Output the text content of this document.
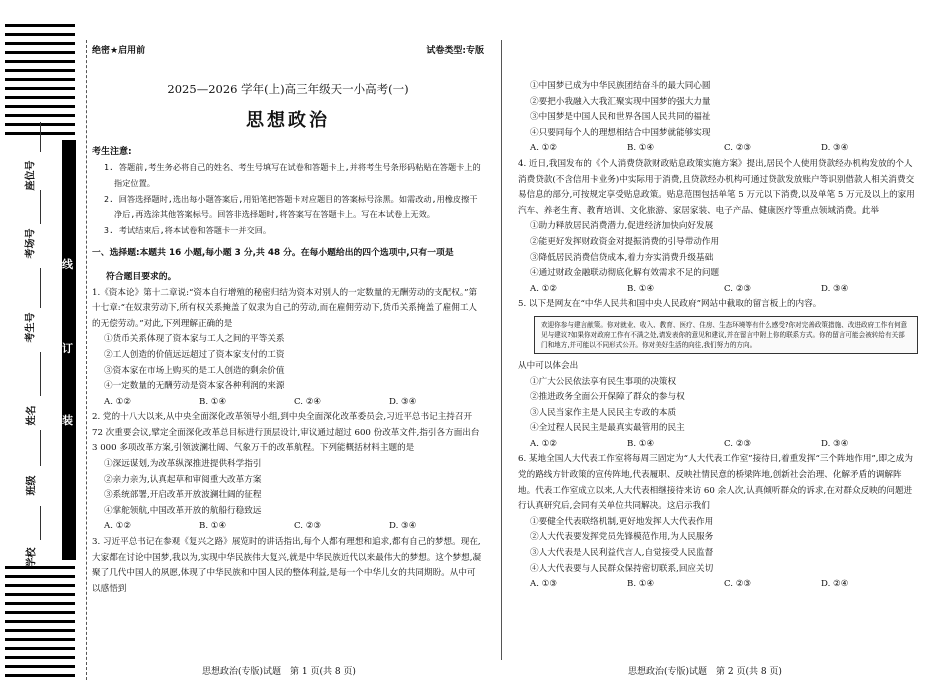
座位号
考场号
考生号
姓名
班级
学校
线
订
装
绝密★启用前	试卷类型:专版
2025—2026 学年(上)高三年级天一小高考(一)
思想政治
考生注意:

1. 答题前,考生务必将自己的姓名、考生号填写在试卷和答题卡上,并将考生号条形码粘贴在答题卡上的指定位置。

2. 回答选择题时,选出每小题答案后,用铅笔把答题卡对应题目的答案标号涂黑。如需改动,用橡皮擦干净后,再选涂其他答案标号。回答非选择题时,将答案写在答题卡上。写在本试卷上无效。

3. 考试结束后,将本试卷和答题卡一并交回。

一、选择题:本题共 16 小题,每小题 3 分,共 48 分。在每小题给出的四个选项中,只有一项是

符合题目要求的。

1.《资本论》第十二章说:“资本自行增殖的秘密归结为资本对别人的一定数量的无酬劳动的支配权。”第十七章:“在奴隶劳动下,所有权关系掩盖了奴隶为自己的劳动,而在雇佣劳动下,货币关系掩盖了雇佣工人的无偿劳动。”对此,下列理解正确的是

①货币关系体现了资本家与工人之间的平等关系

②工人创造的价值远远超过了资本家支付的工资

③资本家在市场上购买的是工人创造的剩余价值

④一定数量的无酬劳动是资本家各种利润的来源

A. ①②	B. ①④	C. ②④	D. ③④

2. 党的十八大以来,从中央全面深化改革领导小组,到中央全面深化改革委员会,习近平总书记主持召开 72 次重要会议,擘定全面深化改革总目标进行顶层设计,审议通过超过 600 份改革文件,指引各方面出台 3 000 多项改革方案,引领波澜壮阔、气象万千的改革航程。下列能概括材料主题的是

①深远谋划,为改革纵深推进提供科学指引

②亲力亲为,认真起草和审阅重大改革方案

③系统部署,开启改革开放波澜壮阔的征程

④掌舵领航,中国改革开放的航船行稳致远

A. ①②	B. ①④	C. ②③	D. ③④

3. 习近平总书记在参观《复兴之路》展览时的讲话指出,每个人都有理想和追求,都有自己的梦想。现在,大家都在讨论中国梦,我以为,实现中华民族伟大复兴,就是中华民族近代以来最伟大的梦想。这个梦想,凝聚了几代中国人的夙愿,体现了中华民族和中国人民的整体利益,是每一个中华儿女的共同期盼。从中可以感悟到

①中国梦已成为中华民族团结奋斗的最大同心圆

②要把小我融入大我汇聚实现中国梦的强大力量

③中国梦是中国人民和世界各国人民共同的福祉

④只要同每个人的理想相结合中国梦就能够实现

A. ①②	B. ①④	C. ②③	D. ③④

4. 近日,我国发布的《个人消费贷款财政贴息政策实施方案》提出,居民个人使用贷款经办机构发放的个人消费贷款(不含信用卡业务)中实际用于消费,且贷款经办机构可通过贷款发放账户等识别借款人相关消费交易信息的部分,可按规定享受贴息政策。贴息范围包括单笔 5 万元以下消费,以及单笔 5 万元及以上的家用汽车、养老生育、教育培训、文化旅游、家居家装、电子产品、健康医疗等重点领域消费。此举

①助力释放居民消费潜力,促进经济加快向好发展

②能更好发挥财政资金对提振消费的引导带动作用

③降低居民消费信贷成本,着力夯实消费升级基础

④通过财政金融联动彻底化解有效需求不足的问题

A. ①②	B. ①④	C. ②③	D. ③④

5. 以下是网友在“中华人民共和国中央人民政府”网站中截取的留言板上的内容。

欢迎你参与建言献策。你对就业、收入、教育、医疗、住房、生态环境等有什么感受?你对完善政策措施、改进政府工作有何意见与建议?如果你对政府工作有不满之处,请发表你的意见和建议,并在留言中附上你的联系方式。你的留言可能会被转给有关部门和地方,并可能以不同形式公开。你对美好生活的向往,我们努力的方向。

从中可以体会出

①广大公民依法享有民生事项的决策权

②推进政务全面公开保障了群众的参与权

③人民当家作主是人民民主专政的本质

④全过程人民民主是最真实最管用的民主

A. ①②	B. ①④	C. ②③	D. ③④

6. 某地全国人大代表工作室将每周三固定为“人大代表工作室”接待日,着重发挥“三个阵地作用”,即之成为党的路线方针政策的宣传阵地,代表履职、反映社情民意的桥梁阵地,创新社会治理、化解矛盾的调解阵地。代表工作室成立以来,人大代表相继接待来访 60 余人次,认真倾听群众的诉求,在对群众反映的问题进行认真研究后,会同有关单位共同解决。这启示我们

①要健全代表联络机制,更好地发挥人大代表作用

②人大代表要发挥党员先锋模范作用,为人民服务

③人大代表是人民利益代言人,自觉接受人民监督

④人大代表要与人民群众保持密切联系,回应关切

A. ①③	B. ①④	C. ②③	D. ②④
思想政治(专版)试题　第 1 页(共 8 页)	思想政治(专版)试题　第 2 页(共 8 页)
